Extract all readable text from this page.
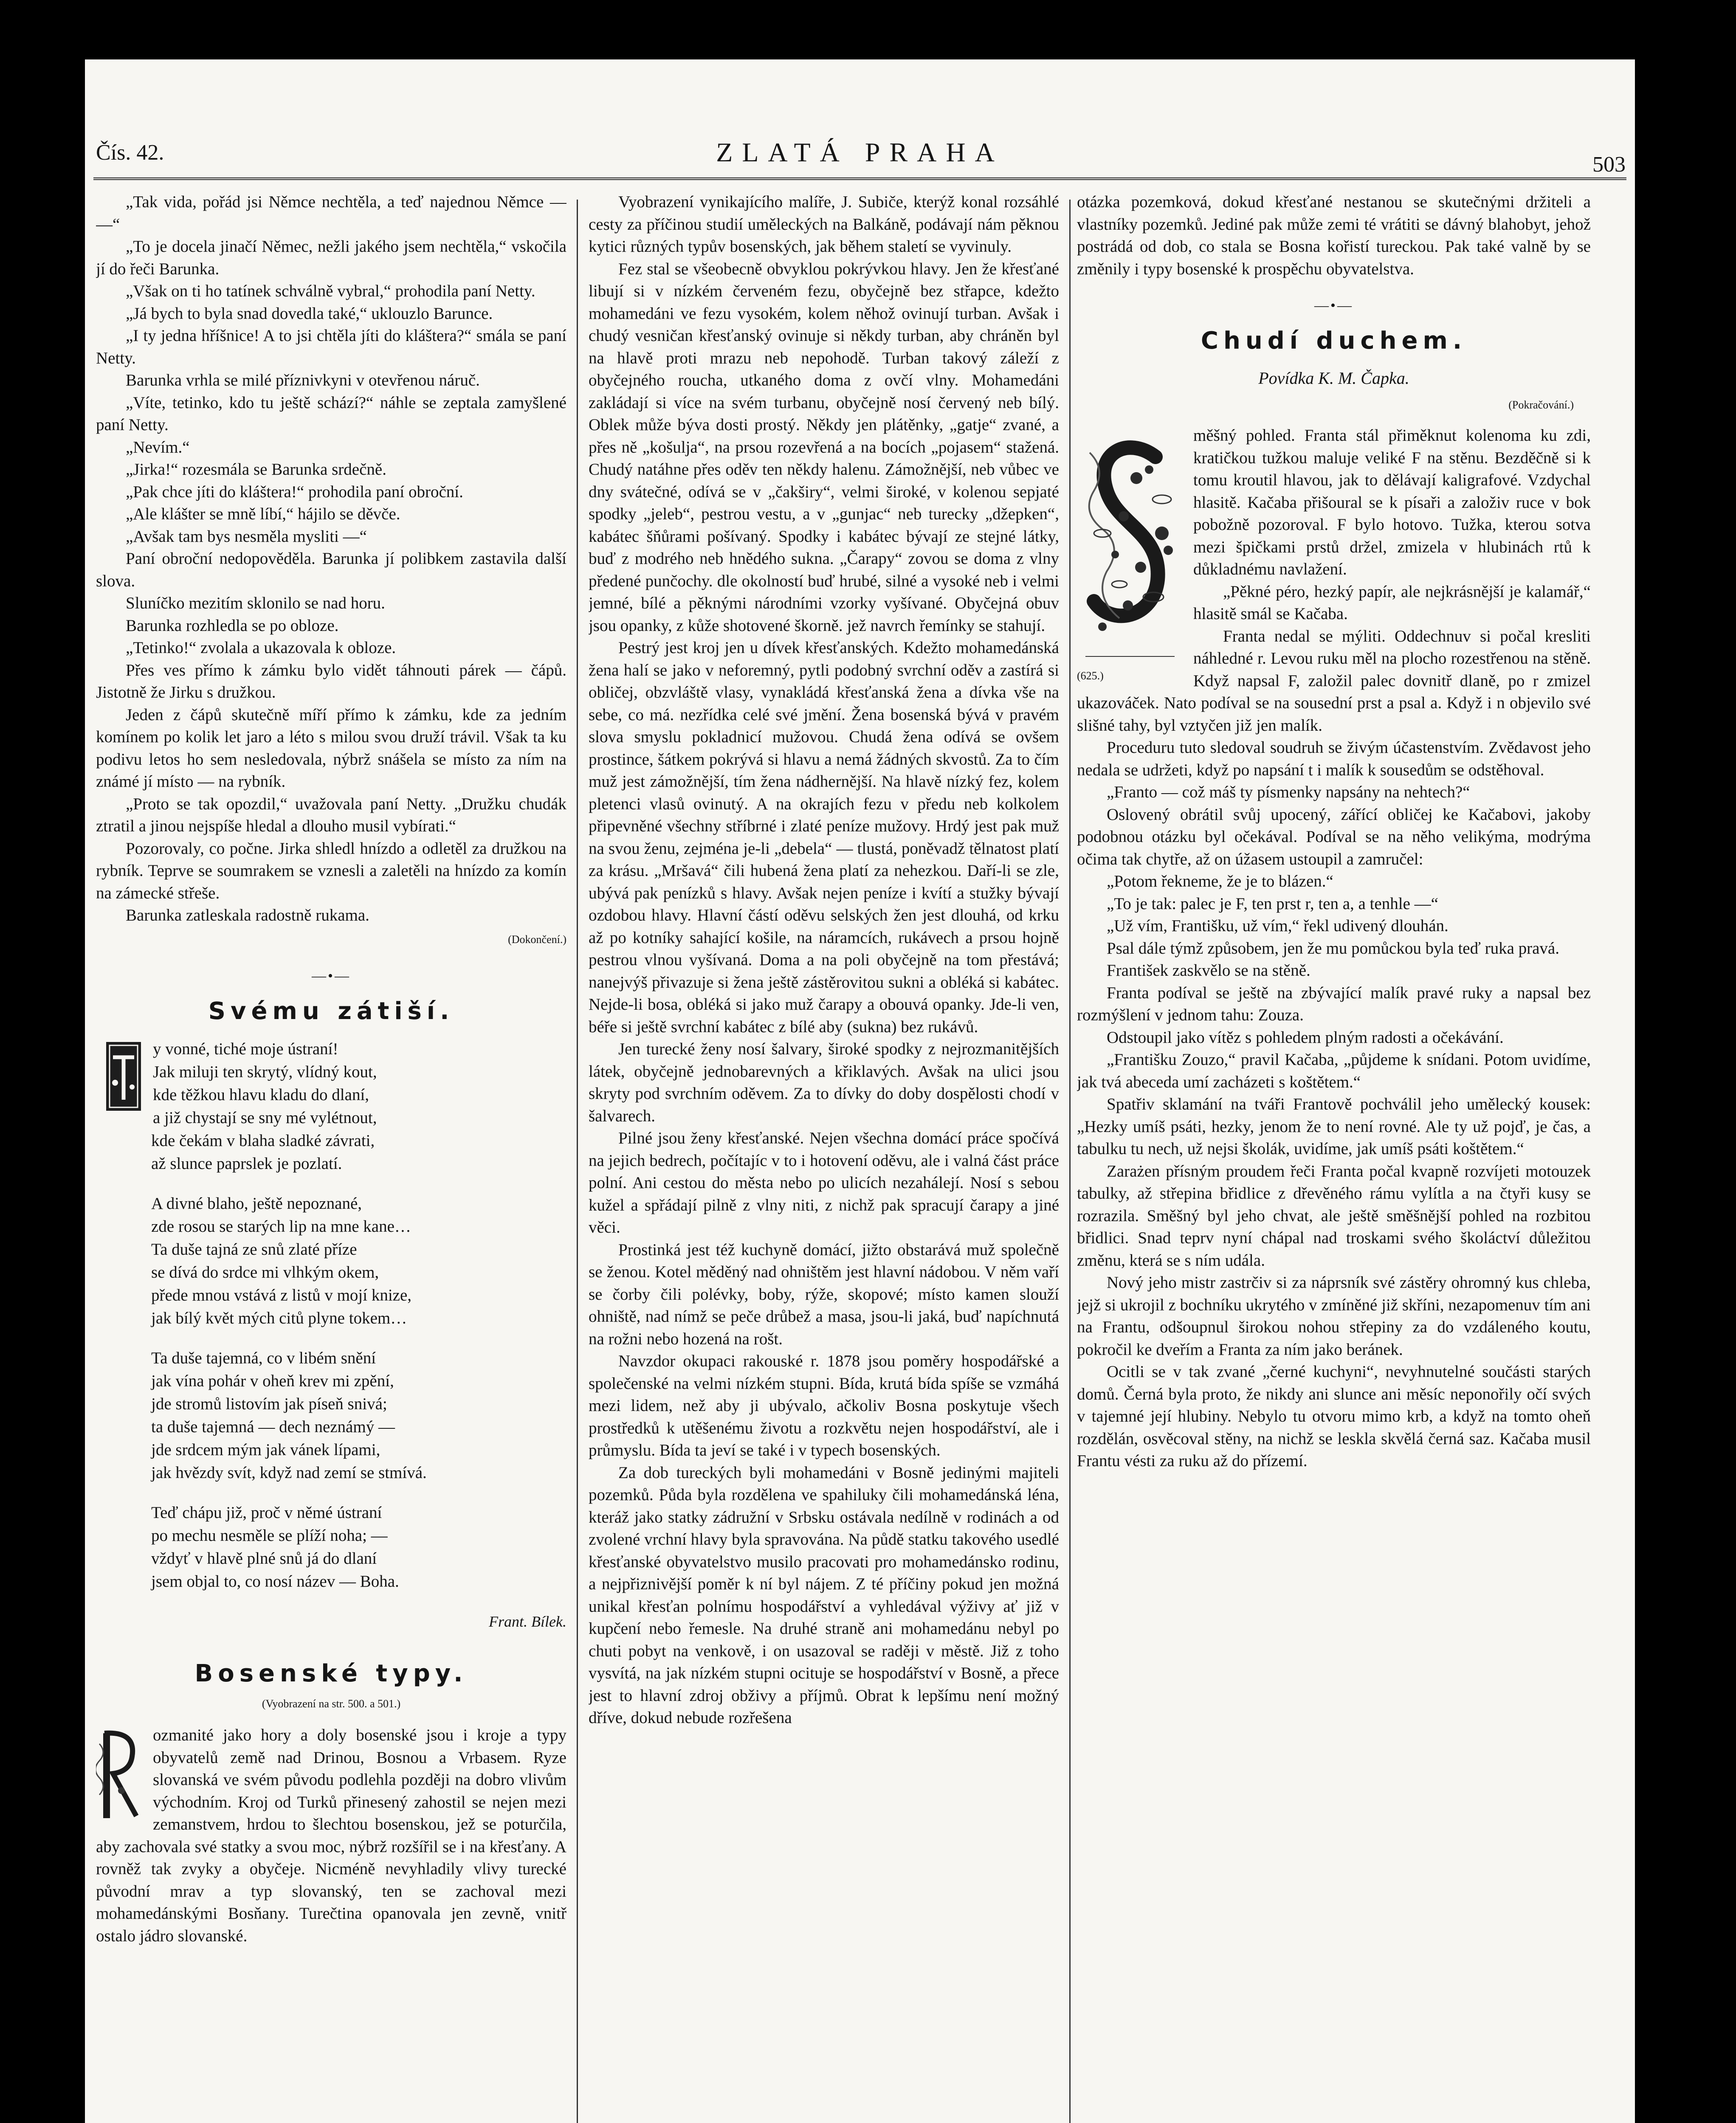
Čís. 42.	ZLATÁ PRAHA	503

„Tak vida, pořád jsi Němce nechtěla, a teď najednou Němce — —“

„To je docela jinačí Němec, nežli jakého jsem nechtěla,“ vskočila jí do řeči Barunka.

„Však on ti ho tatínek schválně vybral,“ prohodila paní Netty.

„Já bych to byla snad dovedla také,“ uklouzlo Barunce.

„I ty jedna hříšnice! A to jsi chtěla jíti do kláštera?“ smála se paní Netty.

Barunka vrhla se milé příznivkyni v otevřenou náruč.

„Víte, tetinko, kdo tu ještě schází?“ náhle se zeptala zamyšlené paní Netty.

„Nevím.“

„Jirka!“ rozesmála se Barunka srdečně.

„Pak chce jíti do kláštera!“ prohodila paní obroční.

„Ale klášter se mně líbí,“ hájilo se děvče.

„Avšak tam bys nesměla mysliti —“

Paní obroční nedopověděla. Barunka jí polibkem zastavila další slova.

Sluníčko mezitím sklonilo se nad horu.

Barunka rozhledla se po obloze.

„Tetinko!“ zvolala a ukazovala k obloze.

Přes ves přímo k zámku bylo vidět táhnouti párek — čápů. Jistotně že Jirku s družkou.

Jeden z čápů skutečně míří přímo k zámku, kde za jedním komínem po kolik let jaro a léto s milou svou druží trávil. Však ta ku podivu letos ho sem nesledovala, nýbrž snášela se místo za ním na známé jí místo — na rybník.

„Proto se tak opozdil,“ uvažovala paní Netty. „Družku chudák ztratil a jinou nejspíše hledal a dlouho musil vybírati.“

Pozorovaly, co počne. Jirka shledl hnízdo a odletěl za družkou na rybník. Teprve se soumrakem se vznesli a zaletěli na hnízdo za komín na zámecké střeše.

Barunka zatleskala radostně rukama.

(Dokončení.)

—•—

Svému zátiší.

y vonné, tiché moje ústraní!

Jak miluji ten skrytý, vlídný kout,

kde těžkou hlavu kladu do dlaní,

a již chystají se sny mé vylétnout,

kde čekám v blaha sladké závrati,

až slunce paprslek je pozlatí.

A divné blaho, ještě nepoznané,

zde rosou se starých lip na mne kane…

Ta duše tajná ze snů zlaté příze

se dívá do srdce mi vlhkým okem,

přede mnou vstává z listů v mojí knize,

jak bílý květ mých citů plyne tokem…

Ta duše tajemná, co v libém snění

jak vína pohár v oheň krev mi zpění,

jde stromů listovím jak píseň snivá;

ta duše tajemná — dech neznámý —

jde srdcem mým jak vánek lípami,

jak hvězdy svít, když nad zemí se stmívá.

Teď chápu již, proč v němé ústraní

po mechu nesměle se plíží noha; —

vždyť v hlavě plné snů já do dlaní

jsem objal to, co nosí název — Boha.

Frant. Bílek.

Bosenské typy.

(Vyobrazení na str. 500. a 501.)

ozmanité jako hory a doly bosenské jsou i kroje a typy obyvatelů země nad Drinou, Bosnou a Vrbasem. Ryze slovanská ve svém původu podlehla později na dobro vlivům východním. Kroj od Turků přinesený zahostil se nejen mezi zemanstvem, hrdou to šlechtou bosenskou, jež se poturčila, aby zachovala své statky a svou moc, nýbrž rozšířil se i na křesťany. A rovněž tak zvyky a obyčeje. Nicméně nevyhladily vlivy turecké původní mrav a typ slovanský, ten se zachoval mezi mohamedánskými Bosňany. Turečtina opanovala jen zevně, vnitř ostalo jádro slovanské.

Vyobrazení vynikajícího malíře, J. Subiče, kterýž konal rozsáhlé cesty za příčinou studií uměleckých na Balkáně, podávají nám pěknou kytici různých typův bosenských, jak během staletí se vyvinuly.

Fez stal se všeobecně obvyklou pokrývkou hlavy. Jen že křesťané libují si v nízkém červeném fezu, obyčejně bez střapce, kdežto mohamedáni ve fezu vysokém, kolem něhož ovinují turban. Avšak i chudý vesničan křesťanský ovinuje si někdy turban, aby chráněn byl na hlavě proti mrazu neb nepohodě. Turban takový záleží z obyčejného roucha, utkaného doma z ovčí vlny. Mohamedáni zakládají si více na svém turbanu, obyčejně nosí červený neb bílý. Oblek může býva dosti prostý. Někdy jen plátěnky, „gatje“ zvané, a přes ně „košulja“, na prsou rozevřená a na bocích „pojasem“ stažená. Chudý natáhne přes oděv ten někdy halenu. Zámožnější, neb vůbec ve dny svátečné, odívá se v „čakširy“, velmi široké, v kolenou sepjaté spodky „jeleb“, pestrou vestu, a v „gunjac“ neb turecky „džepken“, kabátec šňůrami pošívaný. Spodky i kabátec bývají ze stejné látky, buď z modrého neb hnědého sukna. „Čarapy“ zovou se doma z vlny předené punčochy. dle okolností buď hrubé, silné a vysoké neb i velmi jemné, bílé a pěknými národními vzorky vyšívané. Obyčejná obuv jsou opanky, z kůže shotovené škorně. jež navrch řemínky se stahují.

Pestrý jest kroj jen u dívek křesťanských. Kdežto mohamedánská žena halí se jako v neforemný, pytli podobný svrchní oděv a zastírá si obličej, obzvláště vlasy, vynakládá křesťanská žena a dívka vše na sebe, co má. nezřídka celé své jmění. Žena bosenská bývá v pravém slova smyslu pokladnicí mužovou. Chudá žena odívá se ovšem prostince, šátkem pokrývá si hlavu a nemá žádných skvostů. Za to čím muž jest zámožnější, tím žena nádhernější. Na hlavě nízký fez, kolem pletenci vlasů ovinutý. A na okrajích fezu v předu neb kolkolem připevněné všechny stříbrné i zlaté peníze mužovy. Hrdý jest pak muž na svou ženu, zejména je-li „debela“ — tlustá, poněvadž tělnatost platí za krásu. „Mršavá“ čili hubená žena platí za nehezkou. Daří-li se zle, ubývá pak penízků s hlavy. Avšak nejen peníze i kvítí a stužky bývají ozdobou hlavy. Hlavní částí oděvu selských žen jest dlouhá, od krku až po kotníky sahající košile, na náramcích, rukávech a prsou hojně pestrou vlnou vyšívaná. Doma a na poli obyčejně na tom přestává; nanejvýš přivazuje si žena ještě zástěrovitou sukni a obléká si kabátec. Nejde-li bosa, obléká si jako muž čarapy a obouvá opanky. Jde-li ven, béře si ještě svrchní kabátec z bílé aby (sukna) bez rukávů.

Jen turecké ženy nosí šalvary, široké spodky z nejrozmanitějších látek, obyčejně jednobarevných a křiklavých. Avšak na ulici jsou skryty pod svrchním oděvem. Za to dívky do doby dospělosti chodí v šalvarech.

Pilné jsou ženy křesťanské. Nejen všechna domácí práce spočívá na jejich bedrech, počítajíc v to i hotovení oděvu, ale i valná část práce polní. Ani cestou do města nebo po ulicích nezahálejí. Nosí s sebou kužel a spřádají pilně z vlny niti, z nichž pak spracují čarapy a jiné věci.

Prostinká jest též kuchyně domácí, jižto obstarává muž společně se ženou. Kotel měděný nad ohništěm jest hlavní nádobou. V něm vaří se čorby čili polévky, boby, rýže, skopové; místo kamen slouží ohniště, nad nímž se peče drůbež a masa, jsou-li jaká, buď napíchnutá na rožni nebo hozená na rošt.

Navzdor okupaci rakouské r. 1878 jsou poměry hospodářské a společenské na velmi nízkém stupni. Bída, krutá bída spíše se vzmáhá mezi lidem, než aby ji ubývalo, ačkoliv Bosna poskytuje všech prostředků k utěšenému životu a rozkvětu nejen hospodářství, ale i průmyslu. Bída ta jeví se také i v typech bosenských.

Za dob tureckých byli mohamedáni v Bosně jedinými majiteli pozemků. Půda byla rozdělena ve spahiluky čili mohamedánská léna, kteráž jako statky zádružní v Srbsku ostávala nedílně v rodinách a od zvolené vrchní hlavy byla spravována. Na půdě statku takového usedlé křesťanské obyvatelstvo musilo pracovati pro mohamedánsko rodinu, a nejpřiznivější poměr k ní byl nájem. Z té příčiny pokud jen možná unikal křesťan polnímu hospodářství a vyhledával výživy ať již v kupčení nebo řemesle. Na druhé straně ani mohamedánu nebyl po chuti pobyt na venkově, i on usazoval se raději v městě. Již z toho vysvítá, na jak nízkém stupni ocituje se hospodářství v Bosně, a přece jest to hlavní zdroj obživy a příjmů. Obrat k lepšímu není možný dříve, dokud nebude rozřešena

otázka pozemková, dokud křesťané nestanou se skutečnými držiteli a vlastníky pozemků. Jediné pak může zemi té vrátiti se dávný blahobyt, jehož postrádá od dob, co stala se Bosna kořistí tureckou. Pak také valně by se změnily i typy bosenské k prospěchu obyvatelstva.

—•—

Chudí duchem.

Povídka K. M. Čapka.

(Pokračování.)

(625.)

měšný pohled. Franta stál přiměknut kolenoma ku zdi, kratičkou tužkou maluje veliké F na stěnu. Bezděčně si k tomu kroutil hlavou, jak to dělávají kaligrafové. Vzdychal hlasitě. Kačaba přišoural se k písaři a založiv ruce v bok pobožně pozoroval. F bylo hotovo. Tužka, kterou sotva mezi špičkami prstů držel, zmizela v hlubinách rtů k důkladnému navlažení.

„Pěkné péro, hezký papír, ale nejkrásnější je kalamář,“ hlasitě smál se Kačaba.

Franta nedal se mýliti. Oddechnuv si počal kresliti náhledné r. Levou ruku měl na plocho rozestřenou na stěně. Když napsal F, založil palec dovnitř dlaně, po r zmizel ukazováček. Nato podíval se na sousední prst a psal a. Když i n objevilo své slišné tahy, byl vztyčen již jen malík.

Proceduru tuto sledoval soudruh se živým účastenstvím. Zvědavost jeho nedala se udržeti, když po napsání t i malík k sousedům se odstěhoval.

„Franto — což máš ty písmenky napsány na nehtech?“

Oslovený obrátil svůj upocený, zářící obličej ke Kačabovi, jakoby podobnou otázku byl očekával. Podíval se na něho velikýma, modrýma očima tak chytře, až on úžasem ustoupil a zamručel:

„Potom řekneme, že je to blázen.“

„To je tak: palec je F, ten prst r, ten a, a tenhle —“

„Už vím, Františku, už vím,“ řekl udivený dlouhán.

Psal dále týmž způsobem, jen že mu pomůckou byla teď ruka pravá.

František zaskvělo se na stěně.

Franta podíval se ještě na zbývající malík pravé ruky a napsal bez rozmýšlení v jednom tahu: Zouza.

Odstoupil jako vítěz s pohledem plným radosti a očekávání.

„Františku Zouzo,“ pravil Kačaba, „půjdeme k snídani. Potom uvidíme, jak tvá abeceda umí zacházeti s koštětem.“

Spatřiv sklamání na tváři Frantově pochválil jeho umělecký kousek: „Hezky umíš psáti, hezky, jenom že to není rovné. Ale ty už pojď, je čas, a tabulku tu nech, už nejsi školák, uvidíme, jak umíš psáti koštětem.“

Zarażen přísným proudem řeči Franta počal kvapně rozvíjeti motouzek tabulky, až střepina břidlice z dřevěného rámu vylítla a na čtyři kusy se rozrazila. Směšný byl jeho chvat, ale ještě směšnější pohled na rozbitou břidlici. Snad teprv nyní chápal nad troskami svého školáctví důležitou změnu, která se s ním udála.

Nový jeho mistr zastrčiv si za náprsník své zástěry ohromný kus chleba, jejž si ukrojil z bochníku ukrytého v zmíněné již skříni, nezapomenuv tím ani na Frantu, odšoupnul širokou nohou střepiny za do vzdáleného koutu, pokročil ke dveřím a Franta za ním jako beránek.

Ocitli se v tak zvané „černé kuchyni“, nevyhnutelné součásti starých domů. Černá byla proto, že nikdy ani slunce ani měsíc neponořily očí svých v tajemné její hlubiny. Nebylo tu otvoru mimo krb, a když na tomto oheň rozdělán, osvěcoval stěny, na nichž se leskla skvělá černá saz. Kačaba musil Frantu vésti za ruku až do přízemí.
